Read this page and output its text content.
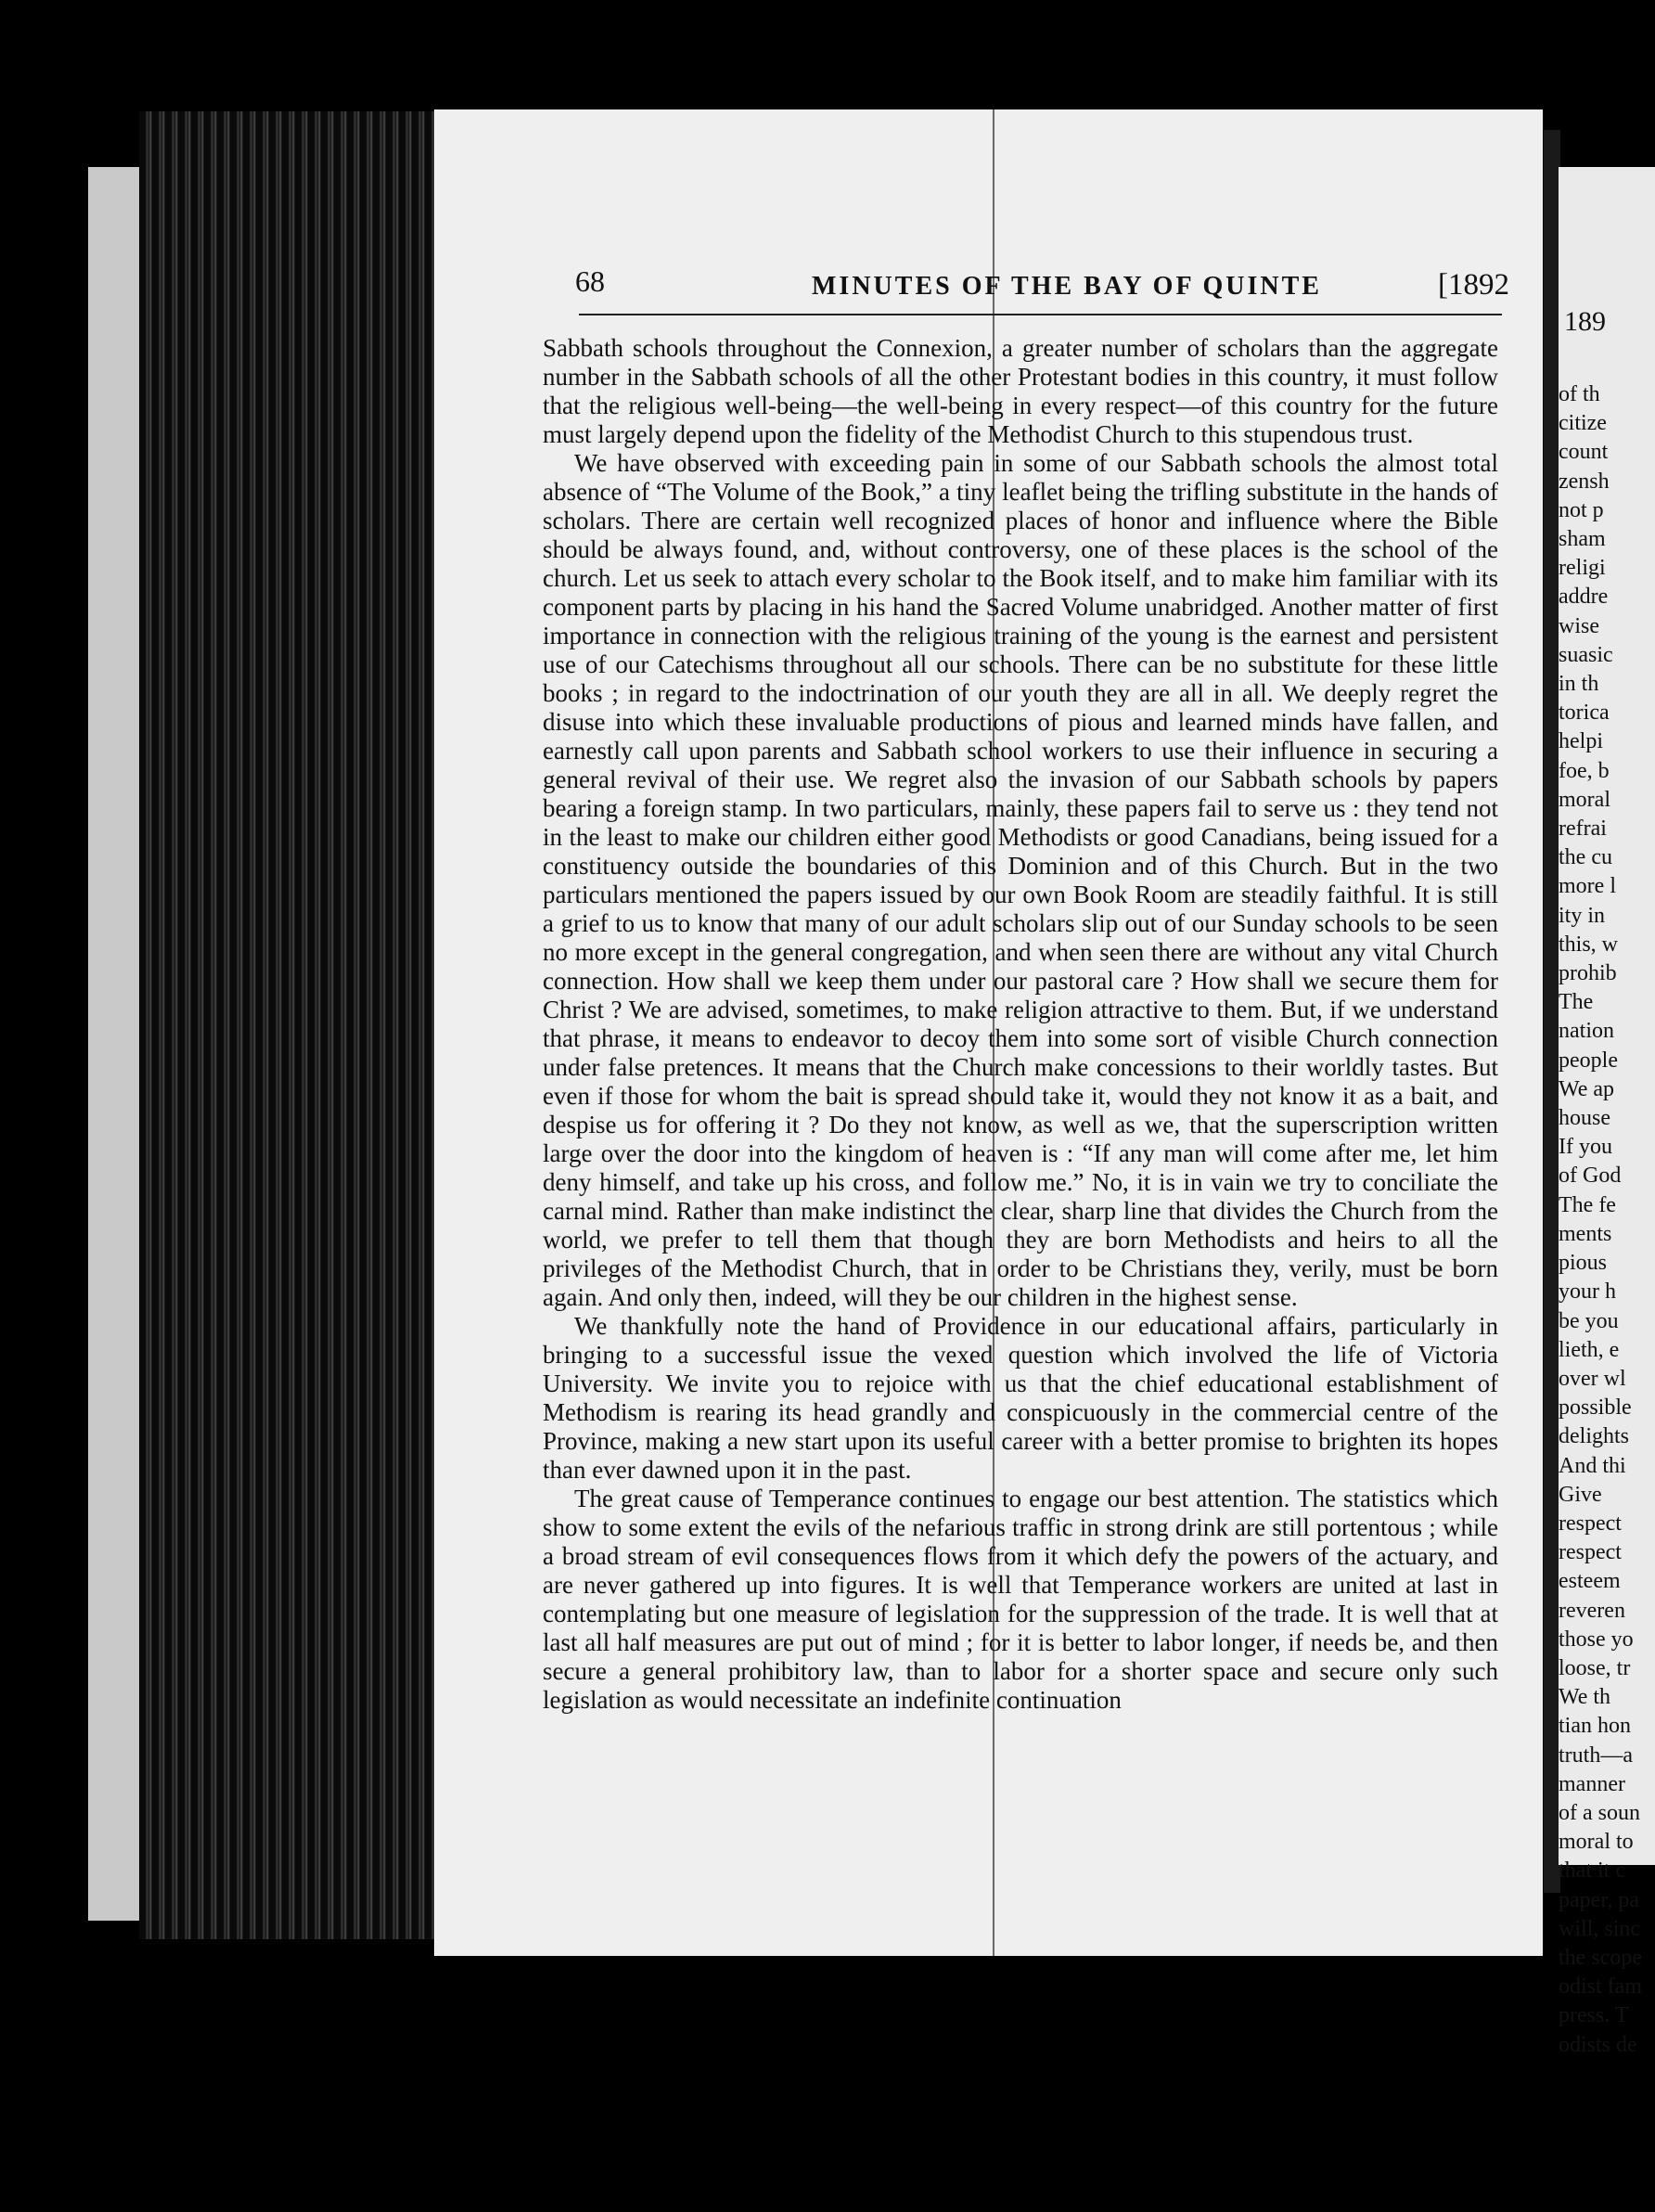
68	MINUTES OF THE BAY OF QUINTE	[1892

Sabbath schools throughout the Connexion, a greater number of scholars than the aggregate number in the Sabbath schools of all the other Protestant bodies in this country, it must follow that the religious well-being—the well-being in every respect—of this country for the future must largely depend upon the fidelity of the Methodist Church to this stupendous trust.

We have observed with exceeding pain in some of our Sabbath schools the almost total absence of “The Volume of the Book,” a tiny leaflet being the trifling substitute in the hands of scholars. There are certain well recognized places of honor and influence where the Bible should be always found, and, without controversy, one of these places is the school of the church. Let us seek to attach every scholar to the Book itself, and to make him familiar with its component parts by placing in his hand the Sacred Volume unabridged. Another matter of first importance in connection with the religious training of the young is the earnest and persistent use of our Catechisms throughout all our schools. There can be no substitute for these little books ; in regard to the indoctrination of our youth they are all in all. We deeply regret the disuse into which these invaluable productions of pious and learned minds have fallen, and earnestly call upon parents and Sabbath school workers to use their influence in securing a general revival of their use. We regret also the invasion of our Sabbath schools by papers bearing a foreign stamp. In two particulars, mainly, these papers fail to serve us : they tend not in the least to make our children either good Methodists or good Canadians, being issued for a constituency outside the boundaries of this Dominion and of this Church. But in the two particulars mentioned the papers issued by our own Book Room are steadily faithful. It is still a grief to us to know that many of our adult scholars slip out of our Sunday schools to be seen no more except in the general congregation, and when seen there are without any vital Church connection. How shall we keep them under our pastoral care ? How shall we secure them for Christ ? We are advised, sometimes, to make religion attractive to them. But, if we understand that phrase, it means to endeavor to decoy them into some sort of visible Church connection under false pretences. It means that the Church make concessions to their worldly tastes. But even if those for whom the bait is spread should take it, would they not know it as a bait, and despise us for offering it ? Do they not know, as well as we, that the superscription written large over the door into the kingdom of heaven is : “If any man will come after me, let him deny himself, and take up his cross, and follow me.” No, it is in vain we try to conciliate the carnal mind. Rather than make indistinct the clear, sharp line that divides the Church from the world, we prefer to tell them that though they are born Methodists and heirs to all the privileges of the Methodist Church, that in order to be Christians they, verily, must be born again. And only then, indeed, will they be our children in the highest sense.

We thankfully note the hand of Providence in our educational affairs, particularly in bringing to a successful issue the vexed question which involved the life of Victoria University. We invite you to rejoice with us that the chief educational establishment of Methodism is rearing its head grandly and conspicuously in the commercial centre of the Province, making a new start upon its useful career with a better promise to brighten its hopes than ever dawned upon it in the past.

The great cause of Temperance continues to engage our best attention. The statistics which show to some extent the evils of the nefarious traffic in strong drink are still portentous ; while a broad stream of evil consequences flows from it which defy the powers of the actuary, and are never gathered up into figures. It is well that Temperance workers are united at last in contemplating but one measure of legislation for the suppression of the trade. It is well that at last all half measures are put out of mind ; for it is better to labor longer, if needs be, and then secure a general prohibitory law, than to labor for a shorter space and secure only such legislation as would necessitate an indefinite continuation

189
of th
citize
count
zensh
not p
sham
religi
addre
wise
suasic
in th
torica
helpi
foe, b
moral
refrai
the cu
more l
ity in
this, w
prohib
The
nation
people
We ap
house
If you
of God
The fe
ments
pious
your h
be you
lieth, e
over wl
possible
delights
And thi
Give
respect
respect
esteem
reveren
those yo
loose, tr
We th
tian hon
truth—a
manner
of a soun
moral to
that it c
paper, pa
will, sinc
the scope
odist fam
press. T
odists de
